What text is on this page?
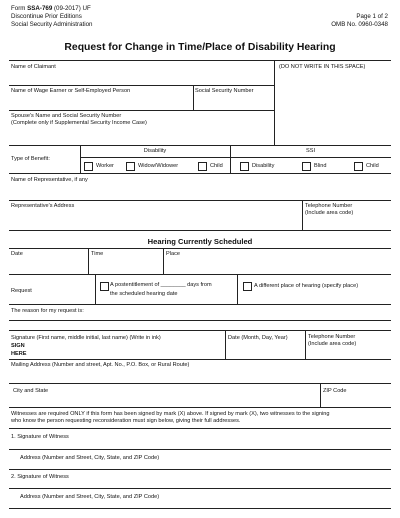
Form SSA-769 (09-2017) UF
Discontinue Prior Editions
Social Security Administration
Page 1 of 2
OMB No. 0960-0348
Request for Change in Time/Place of Disability Hearing
Name of Claimant	(DO NOT WRITE IN THIS SPACE)
Name of Wage Earner or Self-Employed Person	Social Security Number
Spouse's Name and Social Security Number
(Complete only if Supplemental Security Income Case)
Type of Benefit:
Disability	SSI
Worker	Widow/Widower	Child	Disability	Blind	Child
Name of Representative, if any
Representative's Address	Telephone Number
(Include area code)
Hearing Currently Scheduled
Date	Time	Place
Request
A postentitlement of ________ days from
the scheduled hearing date
A different place of hearing (specify place)
The reason for my request is:
Signature (First name, middle initial, last name) (Write in ink)
SIGN
HERE
Date (Month, Day, Year)	Telephone Number
(Include area code)
Mailing Address (Number and street, Apt. No., P.O. Box, or Rural Route)
City and State	ZIP Code
Witnesses are required ONLY if this form has been signed by mark (X) above. If signed by mark (X), two witnesses to the signing
who know the person requesting reconsideration must sign below, giving their full addresses.
1. Signature of Witness
Address (Number and Street, City, State, and ZIP Code)
2. Signature of Witness
Address (Number and Street, City, State, and ZIP Code)
